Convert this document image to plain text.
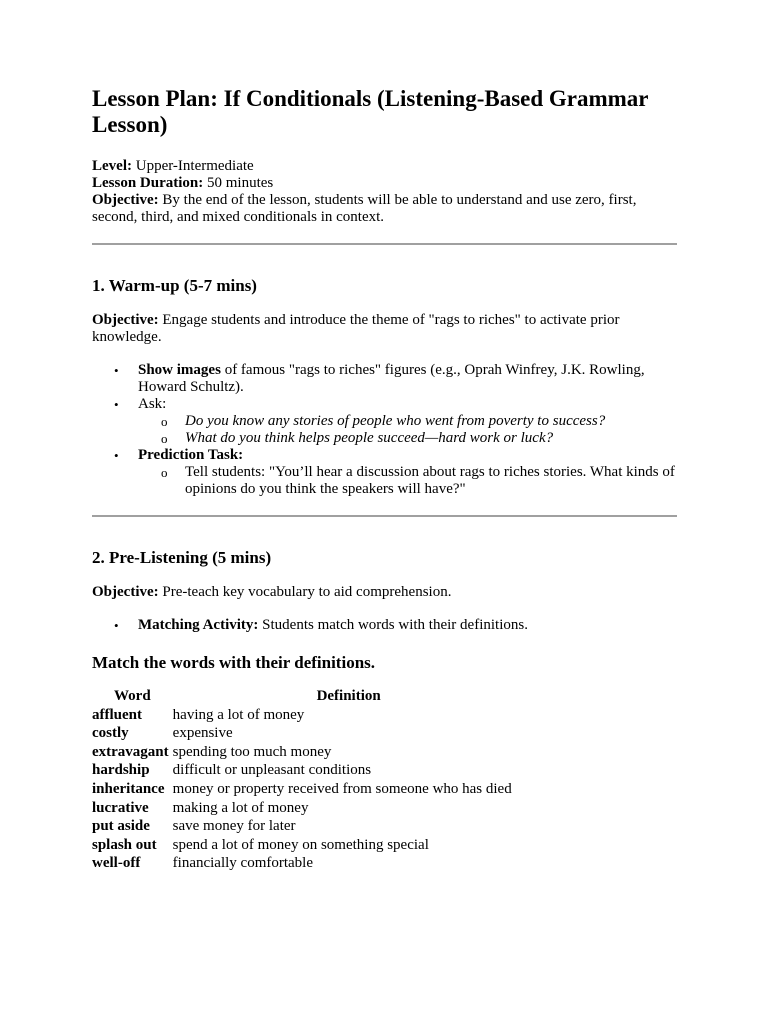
Lesson Plan: If Conditionals (Listening-Based Grammar Lesson)

Level: Upper-Intermediate

Lesson Duration: 50 minutes

Objective: By the end of the lesson, students will be able to understand and use zero, first, second, third, and mixed conditionals in context.

1. Warm-up (5-7 mins)

Objective: Engage students and introduce the theme of "rags to riches" to activate prior knowledge.

• Show images of famous "rags to riches" figures (e.g., Oprah Winfrey, J.K. Rowling, Howard Schultz).
• Ask:
o Do you know any stories of people who went from poverty to success?
o What do you think helps people succeed—hard work or luck?
• Prediction Task:
o Tell students: "You’ll hear a discussion about rags to riches stories. What kinds of opinions do you think the speakers will have?"
2. Pre-Listening (5 mins)

Objective: Pre-teach key vocabulary to aid comprehension.

• Matching Activity: Students match words with their definitions.
Match the words with their definitions.
Word	Definition
affluent	having a lot of money
costly	expensive
extravagant	spending too much money
hardship	difficult or unpleasant conditions
inheritance	money or property received from someone who has died
lucrative	making a lot of money
put aside	save money for later
splash out	spend a lot of money on something special
well-off	financially comfortable
